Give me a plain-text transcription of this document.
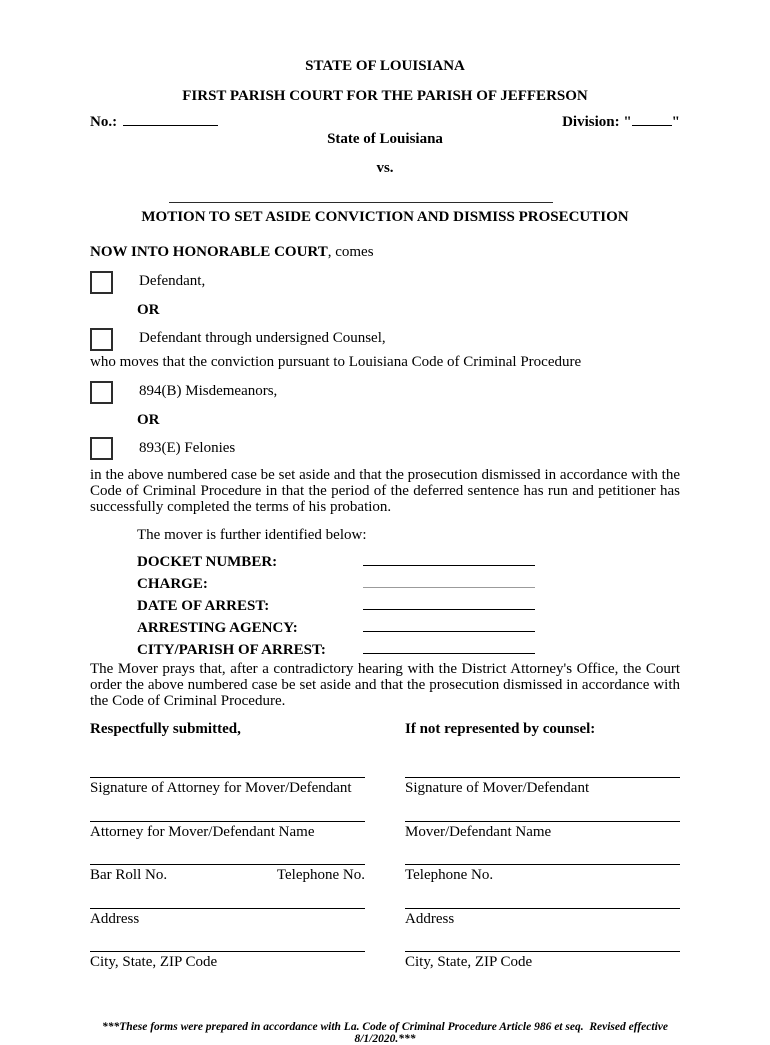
STATE OF LOUISIANA
FIRST PARISH COURT FOR THE PARISH OF JEFFERSON
No.:	Division: "	"
State of Louisiana
vs.
MOTION TO SET ASIDE CONVICTION AND DISMISS PROSECUTION
NOW INTO HONORABLE COURT, comes
Defendant,
OR
Defendant through undersigned Counsel,
who moves that the conviction pursuant to Louisiana Code of Criminal Procedure
894(B) Misdemeanors,
OR
893(E) Felonies
in the above numbered case be set aside and that the prosecution dismissed in accordance with the Code of Criminal Procedure in that the period of the deferred sentence has run and petitioner has successfully completed the terms of his probation.
The mover is further identified below:
DOCKET NUMBER:
CHARGE:
DATE OF ARREST:
ARRESTING AGENCY:
CITY/PARISH OF ARREST:
The Mover prays that, after a contradictory hearing with the District Attorney's Office, the Court order the above numbered case be set aside and that the prosecution dismissed in accordance with the Code of Criminal Procedure.
Respectfully submitted,
Signature of Attorney for Mover/Defendant
Attorney for Mover/Defendant Name
Bar Roll No.	Telephone No.
Address
City, State, ZIP Code
If not represented by counsel:
Signature of Mover/Defendant
Mover/Defendant Name
Telephone No.
Address
City, State, ZIP Code
***These forms were prepared in accordance with La. Code of Criminal Procedure Article 986 et seq.  Revised effective 8/1/2020.***
